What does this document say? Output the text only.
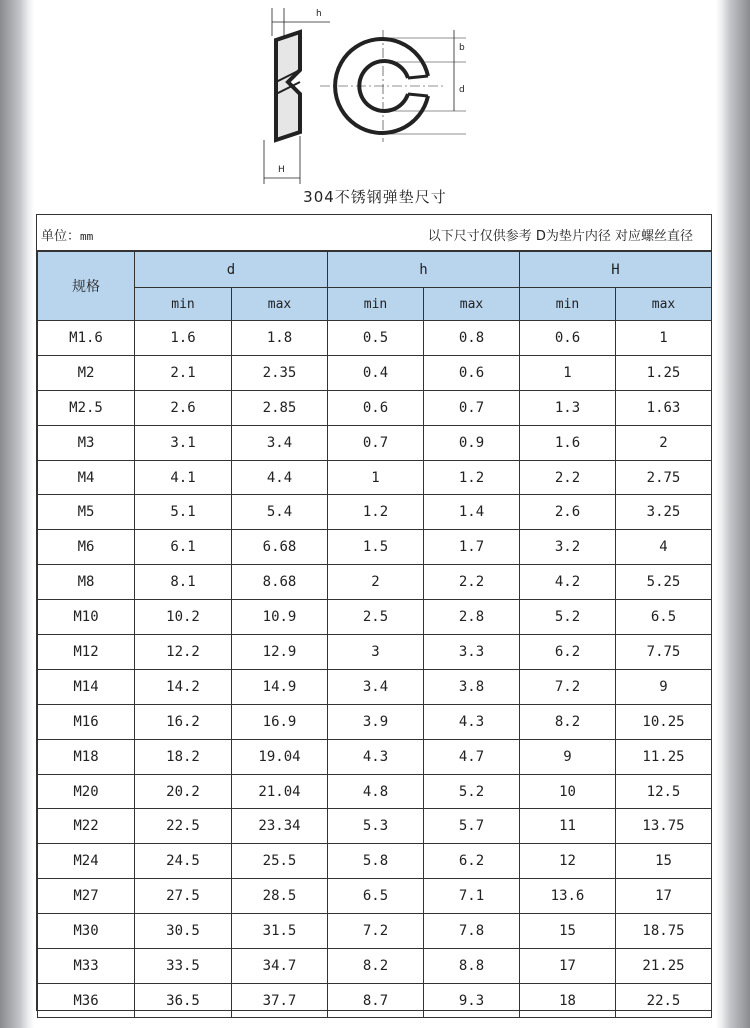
h
H
b
d
304不锈钢弹垫尺寸
单位：mm	以下尺寸仅供参考 D为垫片内径 对应螺丝直径
规格	d		h		H	
	min	max	min	max	min	max
M1.6	1.6	1.8	0.5	0.8	0.6	1
M2	2.1	2.35	0.4	0.6	1	1.25
M2.5	2.6	2.85	0.6	0.7	1.3	1.63
M3	3.1	3.4	0.7	0.9	1.6	2
M4	4.1	4.4	1	1.2	2.2	2.75
M5	5.1	5.4	1.2	1.4	2.6	3.25
M6	6.1	6.68	1.5	1.7	3.2	4
M8	8.1	8.68	2	2.2	4.2	5.25
M10	10.2	10.9	2.5	2.8	5.2	6.5
M12	12.2	12.9	3	3.3	6.2	7.75
M14	14.2	14.9	3.4	3.8	7.2	9
M16	16.2	16.9	3.9	4.3	8.2	10.25
M18	18.2	19.04	4.3	4.7	9	11.25
M20	20.2	21.04	4.8	5.2	10	12.5
M22	22.5	23.34	5.3	5.7	11	13.75
M24	24.5	25.5	5.8	6.2	12	15
M27	27.5	28.5	6.5	7.1	13.6	17
M30	30.5	31.5	7.2	7.8	15	18.75
M33	33.5	34.7	8.2	8.8	17	21.25
M36	36.5	37.7	8.7	9.3	18	22.5
